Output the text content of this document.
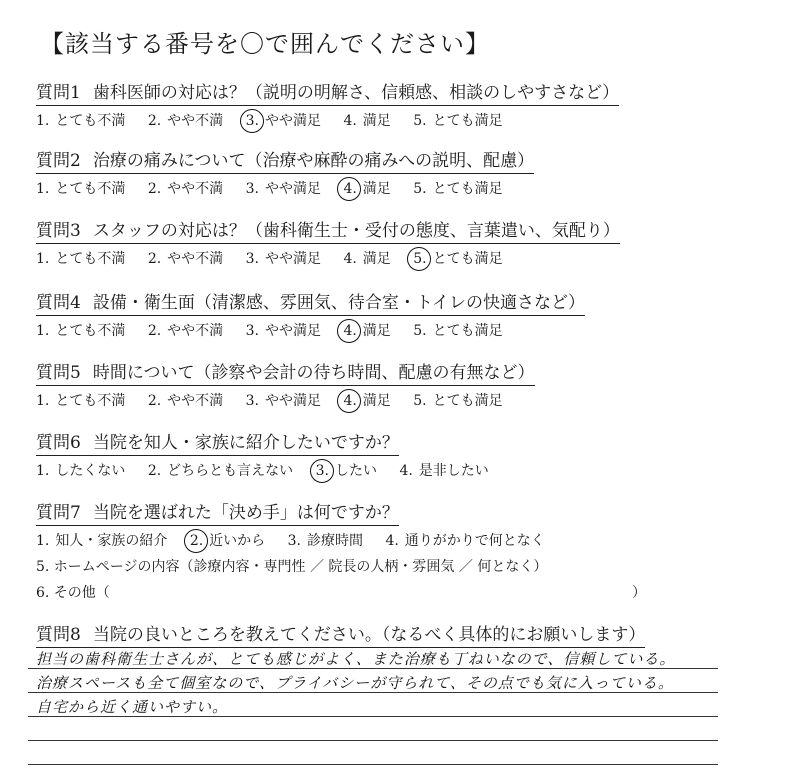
【該当する番号を〇で囲んでください】
質問1 歯科医師の対応は？（説明の明解さ、信頼感、相談のしやすさなど）
1. とても不満 2. やや不満 3. やや満足 4. 満足 5. とても満足
質問2 治療の痛みについて（治療や麻酔の痛みへの説明、配慮）
1. とても不満 2. やや不満 3. やや満足 4. 満足 5. とても満足
質問3 スタッフの対応は？（歯科衛生士・受付の態度、言葉遣い、気配り）
1. とても不満 2. やや不満 3. やや満足 4. 満足 5. とても満足
質問4 設備・衛生面（清潔感、雰囲気、待合室・トイレの快適さなど）
1. とても不満 2. やや不満 3. やや満足 4. 満足 5. とても満足
質問5 時間について（診察や会計の待ち時間、配慮の有無など）
1. とても不満 2. やや不満 3. やや満足 4. 満足 5. とても満足
質問6 当院を知人・家族に紹介したいですか？
1. したくない 2. どちらとも言えない 3. したい 4. 是非したい
質問7 当院を選ばれた「決め手」は何ですか？
1. 知人・家族の紹介 2. 近いから 3. 診療時間 4. 通りがかりで何となく
5. ホームページの内容（診療内容・専門性 ／ 院長の人柄・雰囲気 ／ 何となく）
6. その他（	）
質問8 当院の良いところを教えてください。（なるべく具体的にお願いします）
担当の歯科衛生士さんが、とても感じがよく、また治療も丁ねいなので、信頼している。
治療スペースも全て個室なので、プライバシーが守られて、その点でも気に入っている。
自宅から近く通いやすい。
